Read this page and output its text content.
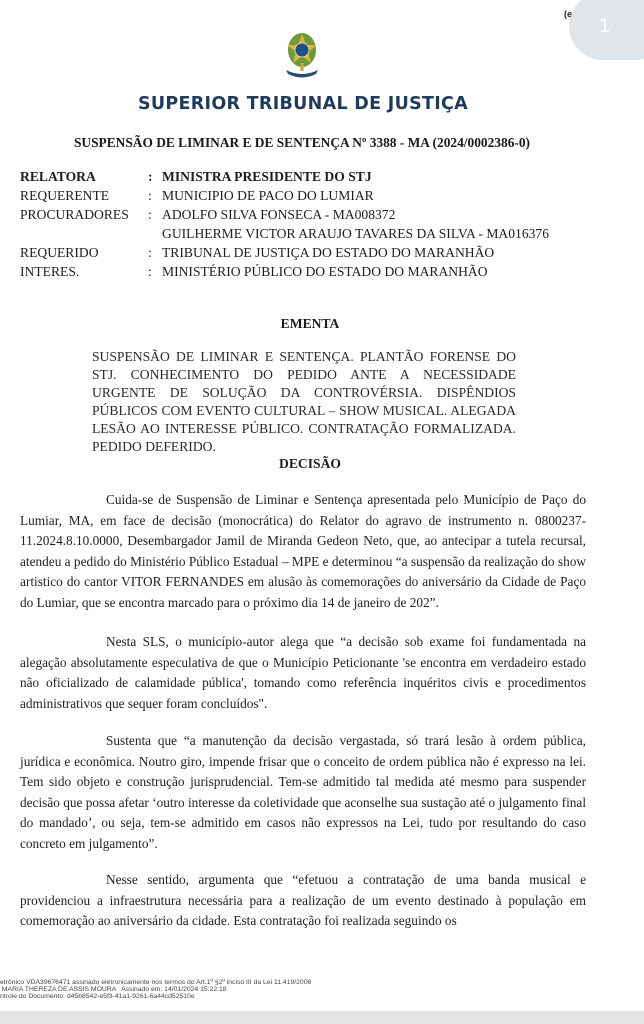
1
(e
SUPERIOR TRIBUNAL DE JUSTIÇA
SUSPENSÃO DE LIMINAR E DE SENTENÇA Nº 3388 - MA (2024/0002386-0)
RELATORA	: MINISTRA PRESIDENTE DO STJ
REQUERENTE	: MUNICIPIO DE PACO DO LUMIAR
PROCURADORES	: ADOLFO SILVA FONSECA - MA008372
GUILHERME VICTOR ARAUJO TAVARES DA SILVA - MA016376
REQUERIDO	: TRIBUNAL DE JUSTIÇA DO ESTADO DO MARANHÃO
INTERES.	: MINISTÉRIO PÚBLICO DO ESTADO DO MARANHÃO
EMENTA
SUSPENSÃO DE LIMINAR E SENTENÇA. PLANTÃO FORENSE DO STJ. CONHECIMENTO DO PEDIDO ANTE A NECESSIDADE URGENTE DE SOLUÇÃO DA CONTROVÉRSIA. DISPÊNDIOS PÚBLICOS COM EVENTO CULTURAL – SHOW MUSICAL. ALEGADA LESÃO AO INTERESSE PÚBLICO. CONTRATAÇÃO FORMALIZADA. PEDIDO DEFERIDO.
DECISÃO
Cuida-se de Suspensão de Liminar e Sentença apresentada pelo Município de Paço do Lumiar, MA, em face de decisão (monocrática) do Relator do agravo de instrumento n. 0800237-11.2024.8.10.0000, Desembargador Jamil de Miranda Gedeon Neto, que, ao antecipar a tutela recursal, atendeu a pedido do Ministério Público Estadual – MPE e determinou “a suspensão da realização do show artistico do cantor VITOR FERNANDES em alusão às comemorações do aniversário da Cidade de Paço do Lumiar, que se encontra marcado para o próximo dia 14 de janeiro de 202”.
Nesta SLS, o município-autor alega que “a decisão sob exame foi fundamentada na alegação absolutamente especulativa de que o Município Peticionante 'se encontra em verdadeiro estado não oficializado de calamidade pública', tomando como referência inquéritos civis e procedimentos administrativos que sequer foram concluídos".
Sustenta que “a manutenção da decisão vergastada, só trará lesão à ordem pública, jurídica e econômica. Noutro giro, impende frisar que o conceito de ordem pública não é expresso na lei. Tem sido objeto e construção jurisprudencial. Tem-se admitido tal medida até mesmo para suspender decisão que possa afetar ‘outro interesse da coletividade que aconselhe sua sustação até o julgamento final do mandado’, ou seja, tem-se admitido em casos não expressos na Lei, tudo por resultando do caso concreto em julgamento”.
Nesse sentido, argumenta que “efetuou a contratação de uma banda musical e providenciou a infraestrutura necessária para a realização de um evento destinado à população em comemoração ao aniversário da cidade. Esta contratação foi realizada seguindo os
etrônico VDA39676471 assinado eletronicamente nos termos do Art.1º §2º inciso III da Lei 11.419/2006
MARIA THEREZA DE ASSIS MOURA   Assinado em: 14/01/2024 15:22:18
ntrole do Documento: d45b8542-e5f3-41a1-9261-6a44cd52510e
